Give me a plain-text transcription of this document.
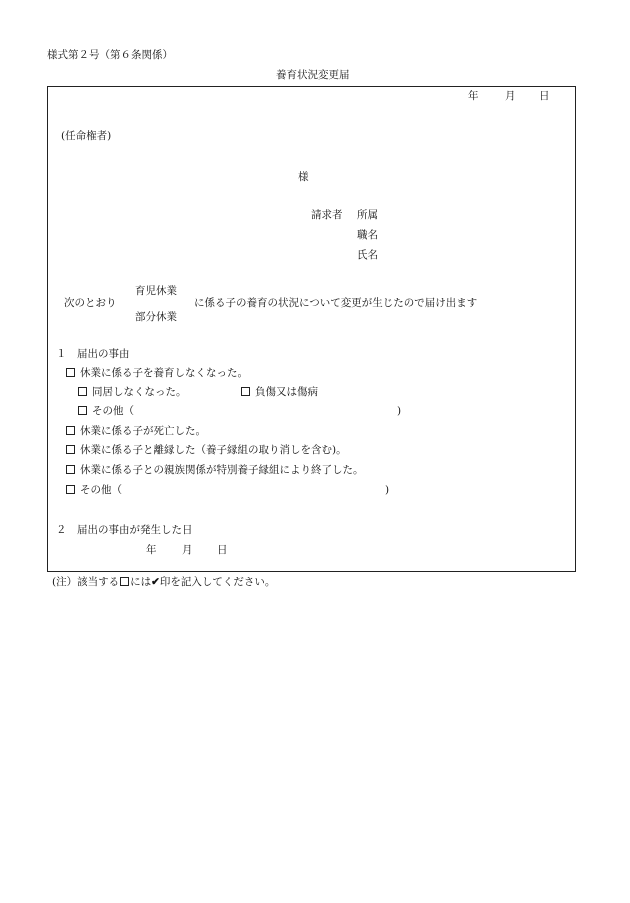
様式第２号（第６条関係）
養育状況変更届
年	月 日
(任命権者)
様
請求者 所属
職名
氏名
次のとおり
育児休業
部分休業
に係る子の養育の状況について変更が生じたので届け出ます
１　届出の事由
休業に係る子を養育しなくなった。
同居しなくなった。	負傷又は傷病
その他（	)
休業に係る子が死亡した。
休業に係る子と離縁した（養子縁組の取り消しを含む)。
休業に係る子との親族関係が特別養子縁組により終了した。
その他（	)
２　届出の事由が発生した日
年 月 日
(注）該当する には✔印を記入してください。
